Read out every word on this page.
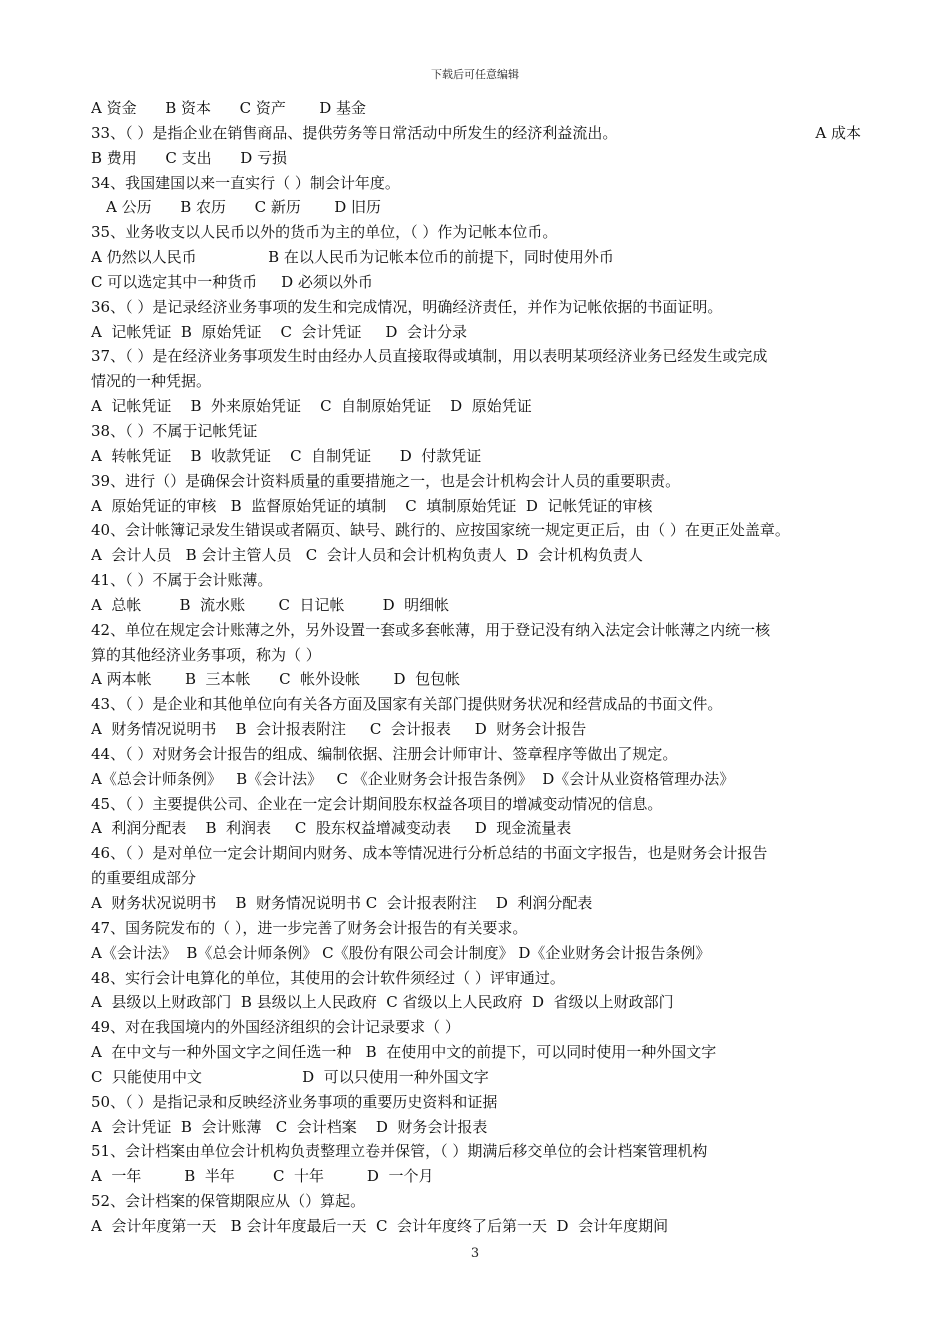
下载后可任意编辑
A 资金      B 资本      C 资产       D 基金
33、（ ）是指企业在销售商品、提供劳务等日常活动中所发生的经济利益流出。	A 成本
B 费用      C 支出      D 亏损
34、我国建国以来一直实行（ ）制会计年度。
A 公历      B 农历      C 新历       D 旧历
35、业务收支以人民币以外的货币为主的单位，（ ）作为记帐本位币。
A 仍然以人民币               B 在以人民币为记帐本位币的前提下，同时使用外币
C 可以选定其中一种货币     D 必须以外币
36、（ ）是记录经济业务事项的发生和完成情况，明确经济责任，并作为记帐依据的书面证明。
A  记帐凭证  B  原始凭证    C  会计凭证     D  会计分录
37、（ ）是在经济业务事项发生时由经办人员直接取得或填制，用以表明某项经济业务已经发生或完成
情况的一种凭据。
A  记帐凭证    B  外来原始凭证    C  自制原始凭证    D  原始凭证
38、（ ）不属于记帐凭证
A  转帐凭证    B  收款凭证    C  自制凭证      D  付款凭证
39、进行（）是确保会计资料质量的重要措施之一，也是会计机构会计人员的重要职责。
A  原始凭证的审核   B  监督原始凭证的填制    C  填制原始凭证  D  记帐凭证的审核
40、会计帐簿记录发生错误或者隔页、缺号、跳行的、应按国家统一规定更正后，由（ ）在更正处盖章。
A  会计人员   B 会计主管人员   C  会计人员和会计机构负责人  D  会计机构负责人
41、（ ）不属于会计账薄。
A  总帐        B  流水账       C  日记帐        D  明细帐
42、单位在规定会计账薄之外，另外设置一套或多套帐薄，用于登记没有纳入法定会计帐薄之内统一核
算的其他经济业务事项，称为（ ）
A 两本帐       B  三本帐      C  帐外设帐       D  包包帐
43、（ ）是企业和其他单位向有关各方面及国家有关部门提供财务状况和经营成品的书面文件。
A  财务情况说明书    B  会计报表附注     C  会计报表     D  财务会计报告
44、（ ）对财务会计报告的组成、编制依据、注册会计师审计、签章程序等做出了规定。
A《总会计师条例》   B《会计法》   C 《企业财务会计报告条例》  D《会计从业资格管理办法》
45、（ ）主要提供公司、企业在一定会计期间股东权益各项目的增减变动情况的信息。
A  利润分配表    B  利润表     C  股东权益增减变动表     D  现金流量表
46、（ ）是对单位一定会计期间内财务、成本等情况进行分析总结的书面文字报告，也是财务会计报告
的重要组成部分
A  财务状况说明书    B  财务情况说明书 C  会计报表附注    D  利润分配表
47、国务院发布的（ ），进一步完善了财务会计报告的有关要求。
A《会计法》  B《总会计师条例》 C《股份有限公司会计制度》 D《企业财务会计报告条例》
48、实行会计电算化的单位，其使用的会计软件须经过（ ）评审通过。
A  县级以上财政部门  B 县级以上人民政府  C 省级以上人民政府  D  省级以上财政部门
49、对在我国境内的外国经济组织的会计记录要求（ ）
A  在中文与一种外国文字之间任选一种   B  在使用中文的前提下，可以同时使用一种外国文字
C  只能使用中文                     D  可以只使用一种外国文字
50、（ ）是指记录和反映经济业务事项的重要历史资料和证据
A  会计凭证  B  会计账薄   C  会计档案    D  财务会计报表
51、会计档案由单位会计机构负责整理立卷并保管，（ ）期满后移交单位的会计档案管理机构
A  一年         B  半年        C  十年         D  一个月
52、会计档案的保管期限应从（）算起。
A  会计年度第一天   B 会计年度最后一天  C  会计年度终了后第一天  D  会计年度期间
3
